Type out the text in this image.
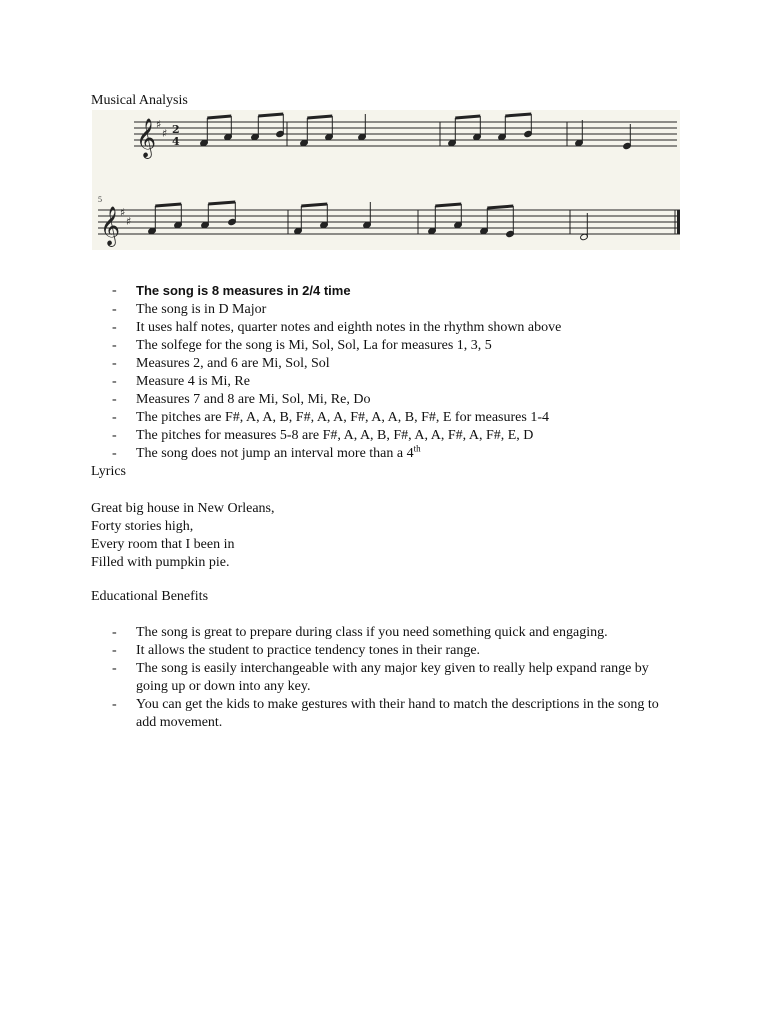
Musical Analysis
𝄞 ♯
♯ 2
4
𝄞 ♯
♯
5
- The song is 8 measures in 2/4 time
- The song is in D Major
- It uses half notes, quarter notes and eighth notes in the rhythm shown above
- The solfege for the song is Mi, Sol, Sol, La for measures 1, 3, 5
- Measures 2, and 6 are Mi, Sol, Sol
- Measure 4 is Mi, Re
- Measures 7 and 8 are Mi, Sol, Mi, Re, Do
- The pitches are F#, A, A, B, F#, A, A, F#, A, A, B, F#, E for measures 1-4
- The pitches for measures 5-8 are F#, A, A, B, F#, A, A, F#, A, F#, E, D
- The song does not jump an interval more than a 4th
Lyrics
Great big house in New Orleans,
Forty stories high,
Every room that I been in
Filled with pumpkin pie.
Educational Benefits
- The song is great to prepare during class if you need something quick and engaging.
- It allows the student to practice tendency tones in their range.
- The song is easily interchangeable with any major key given to really help expand range by going up or down into any key.
- You can get the kids to make gestures with their hand to match the descriptions in the song to add movement.
